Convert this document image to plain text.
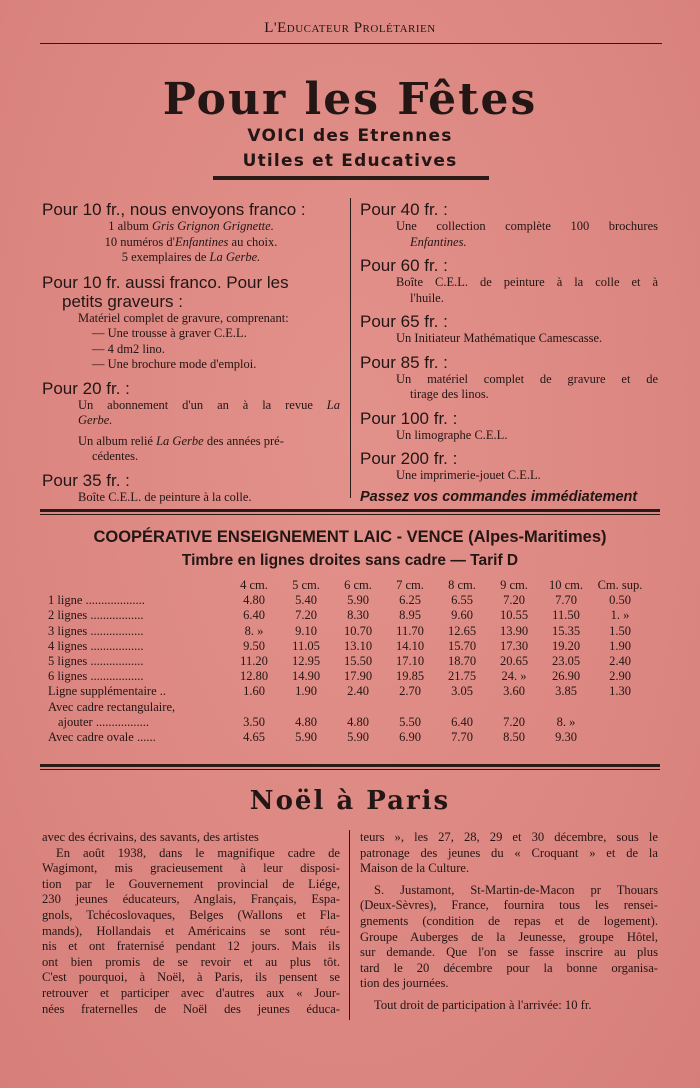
L'Educateur Prolétarien
Pour les Fêtes
VOICI des Etrennes
Utiles et Educatives
Pour 10 fr., nous envoyons franco :
1 album Gris Grignon Grignette.
10 numéros d'Enfantines au choix.
5 exemplaires de La Gerbe.
Pour 10 fr. aussi franco. Pour les
petits graveurs :
Matériel complet de gravure, comprenant:
— Une trousse à graver C.E.L.
— 4 dm2 lino.
— Une brochure mode d'emploi.
Pour 20 fr. :
Un abonnement d'un an à la revue La
Gerbe.
Un album relié La Gerbe des années pré-
cédentes.
Pour 35 fr. :
Boîte C.E.L. de peinture à la colle.
Pour 40 fr. :
Une collection complète 100 brochures
Enfantines.
Pour 60 fr. :
Boîte C.E.L. de peinture à la colle et à
l'huile.
Pour 65 fr. :
Un Initiateur Mathématique Camescasse.
Pour 85 fr. :
Un matériel complet de gravure et de
tirage des linos.
Pour 100 fr. :
Un limographe C.E.L.
Pour 200 fr. :
Une imprimerie-jouet C.E.L.
Passez vos commandes immédiatement
COOPÉRATIVE ENSEIGNEMENT LAIC - VENCE (Alpes-Maritimes)
Timbre en lignes droites sans cadre — Tarif D
	4 cm.	5 cm.	6 cm.	7 cm.	8 cm.	9 cm.	10 cm.	Cm. sup.
1 ligne ...................	4.80	5.40	5.90	6.25	6.55	7.20	7.70	0.50
2 lignes .................	6.40	7.20	8.30	8.95	9.60	10.55	11.50	1. »
3 lignes .................	8. »	9.10	10.70	11.70	12.65	13.90	15.35	1.50
4 lignes .................	9.50	11.05	13.10	14.10	15.70	17.30	19.20	1.90
5 lignes .................	11.20	12.95	15.50	17.10	18.70	20.65	23.05	2.40
6 lignes .................	12.80	14.90	17.90	19.85	21.75	24. »	26.90	2.90
Ligne supplémentaire ..	1.60	1.90	2.40	2.70	3.05	3.60	3.85	1.30
Avec cadre rectangulaire,								
ajouter .................	3.50	4.80	4.80	5.50	6.40	7.20	8. »	
Avec cadre ovale ......	4.65	5.90	5.90	6.90	7.70	8.50	9.30	
Noël à Paris

avec des écrivains, des savants, des artistes

En août 1938, dans le magnifique cadre de

Wagimont, mis gracieusement à leur disposi-

tion par le Gouvernement provincial de Liége,

230 jeunes éducateurs, Anglais, Français, Espa-

gnols, Tchécoslovaques, Belges (Wallons et Fla-

mands), Hollandais et Américains se sont réu-

nis et ont fraternisé pendant 12 jours. Mais ils

ont bien promis de se revoir et au plus tôt.

C'est pourquoi, à Noël, à Paris, ils pensent se

retrouver et participer avec d'autres aux « Jour-

nées fraternelles de Noël des jeunes éduca-

teurs », les 27, 28, 29 et 30 décembre, sous le

patronage des jeunes du « Croquant » et de la

Maison de la Culture.

S. Justamont, St-Martin-de-Macon pr Thouars

(Deux-Sèvres), France, fournira tous les rensei-

gnements (condition de repas et de logement).

Groupe Auberges de la Jeunesse, groupe Hôtel,

sur demande. Que l'on se fasse inscrire au plus

tard le 20 décembre pour la bonne organisa-

tion des journées.

Tout droit de participation à l'arrivée: 10 fr.
